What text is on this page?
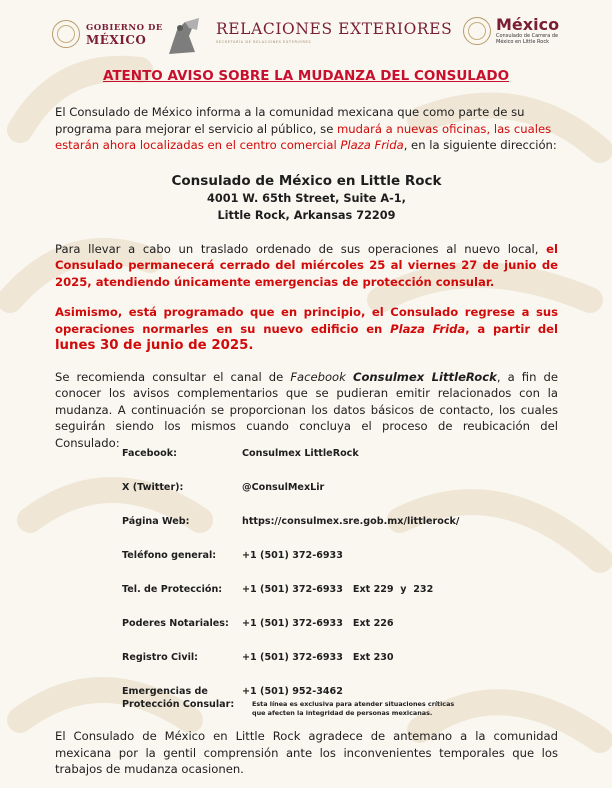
GOBIERNO DE
MÉXICO
RELACIONES EXTERIORES
SECRETARÍA DE RELACIONES EXTERIORES
México
Consulado de Carrera de México en Little Rock
ATENTO AVISO SOBRE LA MUDANZA DEL CONSULADO

El Consulado de México informa a la comunidad mexicana que como parte de su programa para mejorar el servicio al público, se mudará a nuevas oficinas, las cuales estarán ahora localizadas en el centro comercial Plaza Frida, en la siguiente dirección:

Consulado de México en Little Rock
4001 W. 65th Street, Suite A-1,
Little Rock, Arkansas 72209

Para llevar a cabo un traslado ordenado de sus operaciones al nuevo local, el Consulado permanecerá cerrado del miércoles 25 al viernes 27 de junio de 2025, atendiendo únicamente emergencias de protección consular.

Asimismo, está programado que en principio, el Consulado regrese a sus operaciones normarles en su nuevo edificio en Plaza Frida, a partir del lunes 30 de junio de 2025.

Se recomienda consultar el canal de Facebook Consulmex LittleRock, a fin de conocer los avisos complementarios que se pudieran emitir relacionados con la mudanza. A continuación se proporcionan los datos básicos de contacto, los cuales seguirán siendo los mismos cuando concluya el proceso de reubicación del Consulado:

Facebook:	Consulmex LittleRock
X (Twitter):	@ConsulMexLir
Página Web:	https://consulmex.sre.gob.mx/littlerock/
Teléfono general:	+1 (501) 372-6933
Tel. de Protección:	+1 (501) 372-6933   Ext 229  y  232
Poderes Notariales:	+1 (501) 372-6933   Ext 226
Registro Civil:	+1 (501) 372-6933   Ext 230
Emergencias de Protección Consular:
+1 (501) 952-3462
Esta línea es exclusiva para atender situaciones críticas
que afecten la integridad de personas mexicanas.

El Consulado de México en Little Rock agradece de antemano a la comunidad mexicana por la gentil comprensión ante los inconvenientes temporales que los trabajos de mudanza ocasionen.
